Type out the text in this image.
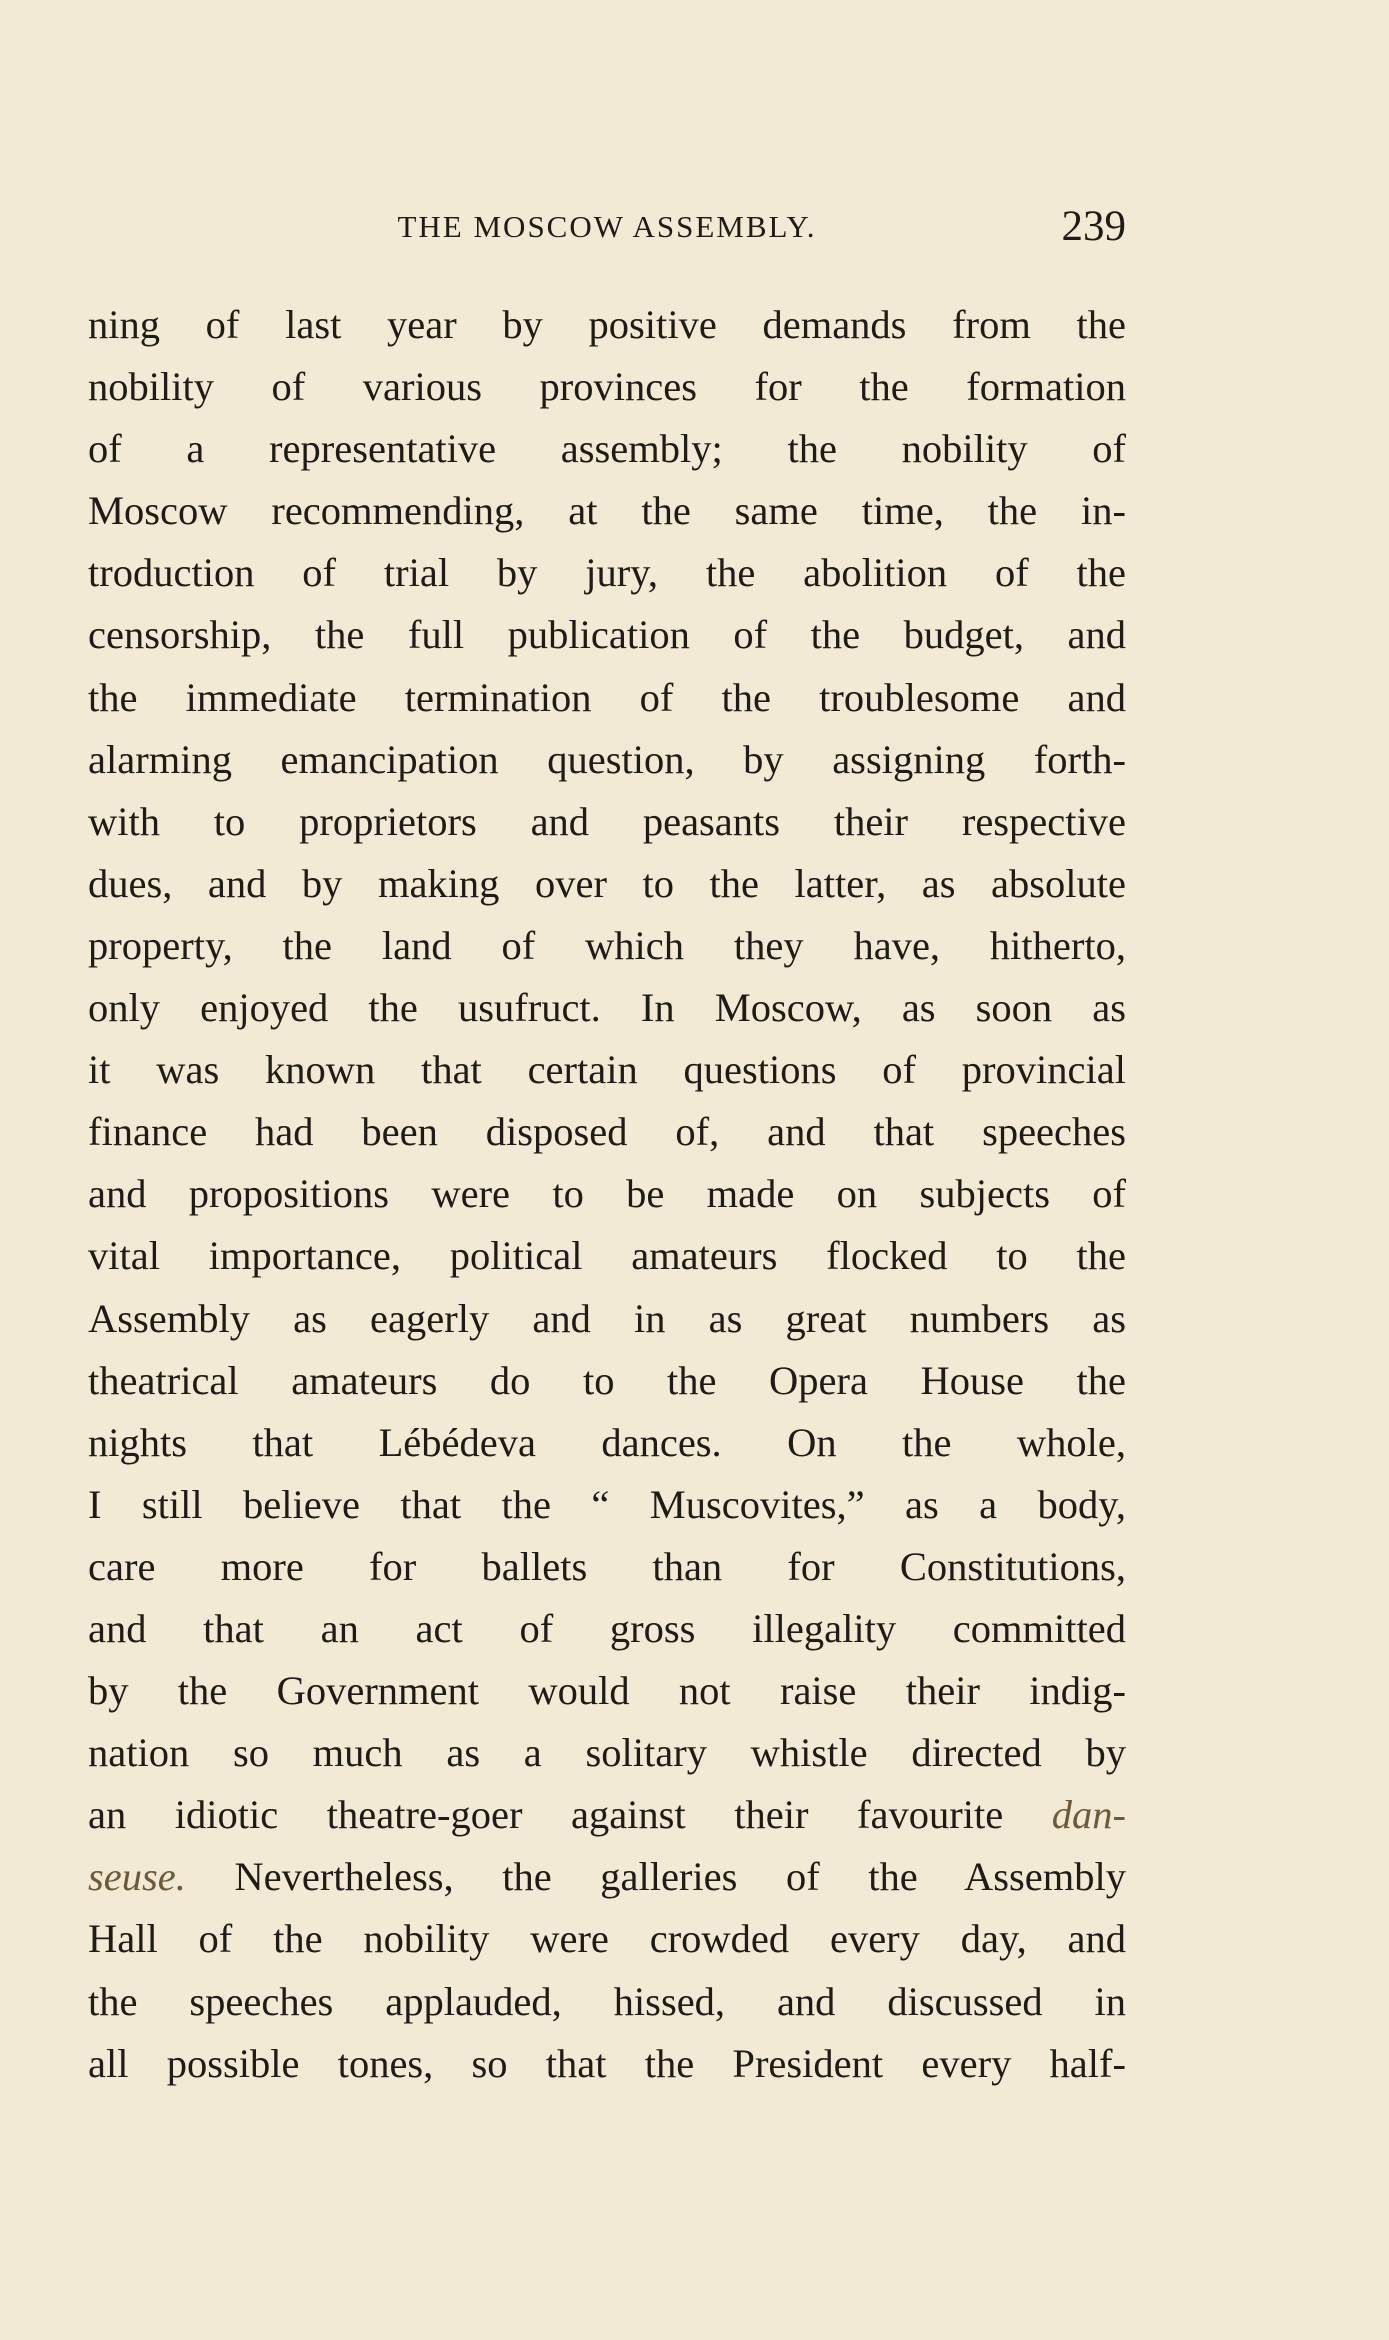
THE MOSCOW ASSEMBLY.	239
ning of last year by positive demands from the
nobility of various provinces for the formation
of a representative assembly; the nobility of
Moscow recommending, at the same time, the in-
troduction of trial by jury, the abolition of the
censorship, the full publication of the budget, and
the immediate termination of the troublesome and
alarming emancipation question, by assigning forth-
with to proprietors and peasants their respective
dues, and by making over to the latter, as absolute
property, the land of which they have, hitherto,
only enjoyed the usufruct. In Moscow, as soon as
it was known that certain questions of provincial
finance had been disposed of, and that speeches
and propositions were to be made on subjects of
vital importance, political amateurs flocked to the
Assembly as eagerly and in as great numbers as
theatrical amateurs do to the Opera House the
nights that Lébédeva dances. On the whole,
I still believe that the “ Muscovites,” as a body,
care more for ballets than for Constitutions,
and that an act of gross illegality committed
by the Government would not raise their indig-
nation so much as a solitary whistle directed by
an idiotic theatre-goer against their favourite dan-
seuse. Nevertheless, the galleries of the Assembly
Hall of the nobility were crowded every day, and
the speeches applauded, hissed, and discussed in
all possible tones, so that the President every half-
